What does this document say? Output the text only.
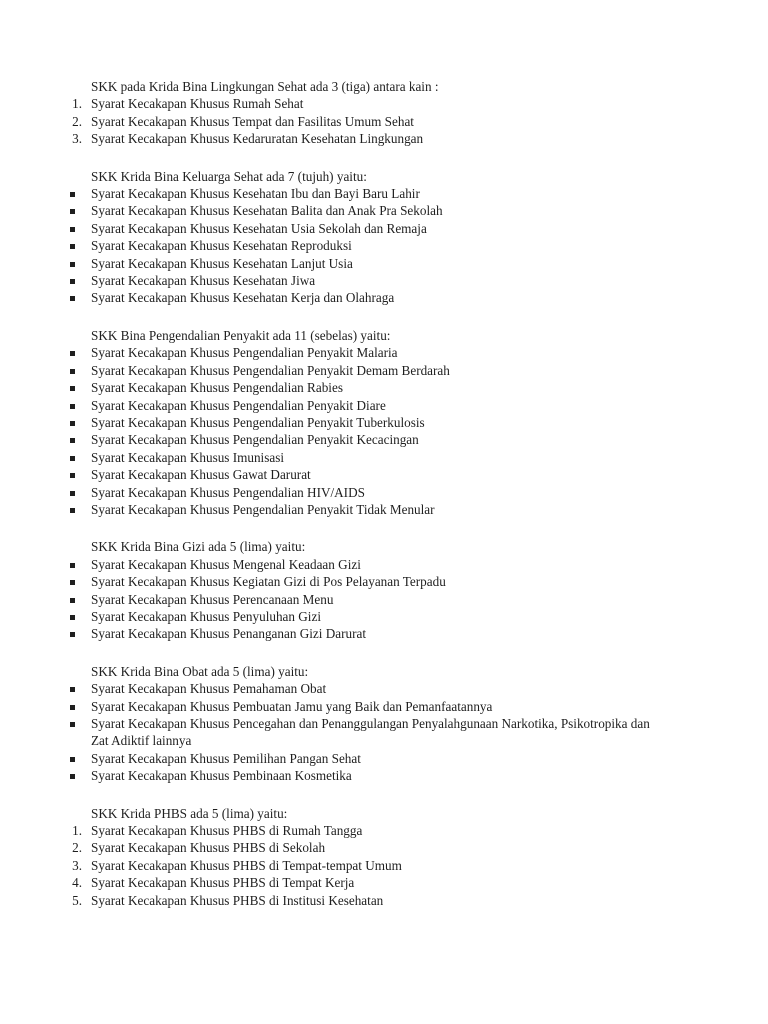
SKK pada Krida Bina Lingkungan Sehat ada 3 (tiga) antara kain :
1. Syarat Kecakapan Khusus Rumah Sehat
2. Syarat Kecakapan Khusus Tempat dan Fasilitas Umum Sehat
3. Syarat Kecakapan Khusus Kedaruratan Kesehatan Lingkungan
SKK Krida Bina Keluarga Sehat ada 7 (tujuh) yaitu:
Syarat Kecakapan Khusus Kesehatan Ibu dan Bayi Baru Lahir
Syarat Kecakapan Khusus Kesehatan Balita dan Anak Pra Sekolah
Syarat Kecakapan Khusus Kesehatan Usia Sekolah dan Remaja
Syarat Kecakapan Khusus Kesehatan Reproduksi
Syarat Kecakapan Khusus Kesehatan Lanjut Usia
Syarat Kecakapan Khusus Kesehatan Jiwa
Syarat Kecakapan Khusus Kesehatan Kerja dan Olahraga
SKK Bina Pengendalian Penyakit ada 11 (sebelas) yaitu:
Syarat Kecakapan Khusus Pengendalian Penyakit Malaria
Syarat Kecakapan Khusus Pengendalian Penyakit Demam Berdarah
Syarat Kecakapan Khusus Pengendalian Rabies
Syarat Kecakapan Khusus Pengendalian Penyakit Diare
Syarat Kecakapan Khusus Pengendalian Penyakit Tuberkulosis
Syarat Kecakapan Khusus Pengendalian Penyakit Kecacingan
Syarat Kecakapan Khusus Imunisasi
Syarat Kecakapan Khusus Gawat Darurat
Syarat Kecakapan Khusus Pengendalian HIV/AIDS
Syarat Kecakapan Khusus Pengendalian Penyakit Tidak Menular
SKK Krida Bina Gizi ada 5 (lima) yaitu:
Syarat Kecakapan Khusus Mengenal Keadaan Gizi
Syarat Kecakapan Khusus Kegiatan Gizi di Pos Pelayanan Terpadu
Syarat Kecakapan Khusus Perencanaan Menu
Syarat Kecakapan Khusus Penyuluhan Gizi
Syarat Kecakapan Khusus Penanganan Gizi Darurat
SKK Krida Bina Obat ada 5 (lima) yaitu:
Syarat Kecakapan Khusus Pemahaman Obat
Syarat Kecakapan Khusus Pembuatan Jamu yang Baik dan Pemanfaatannya
Syarat Kecakapan Khusus Pencegahan dan Penanggulangan Penyalahgunaan Narkotika, Psikotropika dan Zat Adiktif lainnya
Syarat Kecakapan Khusus Pemilihan Pangan Sehat
Syarat Kecakapan Khusus Pembinaan Kosmetika
SKK Krida PHBS ada 5 (lima) yaitu:
1. Syarat Kecakapan Khusus PHBS di Rumah Tangga
2. Syarat Kecakapan Khusus PHBS di Sekolah
3. Syarat Kecakapan Khusus PHBS di Tempat-tempat Umum
4. Syarat Kecakapan Khusus PHBS di Tempat Kerja
5. Syarat Kecakapan Khusus PHBS di Institusi Kesehatan
